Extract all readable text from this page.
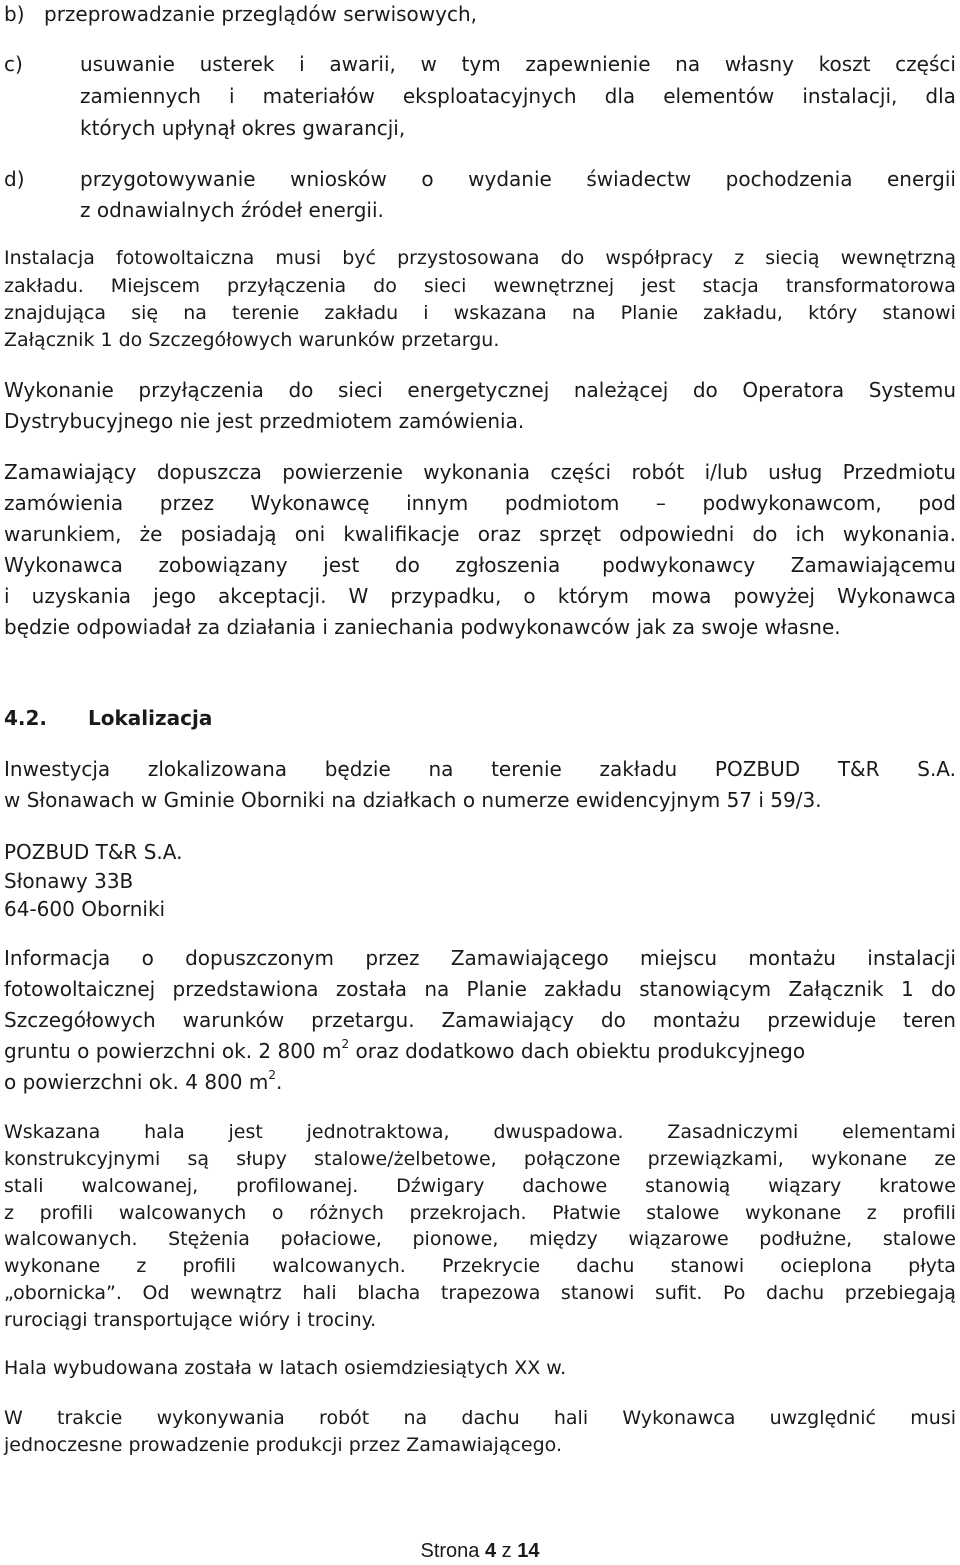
b) przeprowadzanie przeglądów serwisowych,
c)	usuwanie usterek i awarii, w tym zapewnienie na własny koszt części
zamiennych i materiałów eksploatacyjnych dla elementów instalacji, dla
których upłynął okres gwarancji,
d)	przygotowywanie wniosków o wydanie świadectw pochodzenia energii
z odnawialnych źródeł energii.
Instalacja fotowoltaiczna musi być przystosowana do współpracy z siecią wewnętrzną
zakładu. Miejscem przyłączenia do sieci wewnętrznej jest stacja transformatorowa
znajdująca się na terenie zakładu i wskazana na Planie zakładu, który stanowi
Załącznik 1 do Szczegółowych warunków przetargu.
Wykonanie przyłączenia do sieci energetycznej należącej do Operatora Systemu
Dystrybucyjnego nie jest przedmiotem zamówienia.
Zamawiający dopuszcza powierzenie wykonania części robót i/lub usług Przedmiotu
zamówienia przez Wykonawcę innym podmiotom – podwykonawcom, pod
warunkiem, że posiadają oni kwalifikacje oraz sprzęt odpowiedni do ich wykonania.
Wykonawca zobowiązany jest do zgłoszenia podwykonawcy Zamawiającemu
i uzyskania jego akceptacji. W przypadku, o którym mowa powyżej Wykonawca
będzie odpowiadał za działania i zaniechania podwykonawców jak za swoje własne.
4.2. Lokalizacja
Inwestycja zlokalizowana będzie na terenie zakładu POZBUD T&R S.A.
w Słonawach w Gminie Oborniki na działkach o numerze ewidencyjnym 57 i 59/3.
POZBUD T&R S.A.
Słonawy 33B
64-600 Oborniki
Informacja o dopuszczonym przez Zamawiającego miejscu montażu instalacji
fotowoltaicznej przedstawiona została na Planie zakładu stanowiącym Załącznik 1 do
Szczegółowych warunków przetargu. Zamawiający do montażu przewiduje teren
gruntu o powierzchni ok. 2 800 $m^2$ oraz dodatkowo dach obiektu produkcyjnego
o powierzchni ok. 4 800 $m^2$.
Wskazana hala jest jednotraktowa, dwuspadowa. Zasadniczymi elementami
konstrukcyjnymi są słupy stalowe/żelbetowe, połączone przewiązkami, wykonane ze
stali walcowanej, profilowanej. Dźwigary dachowe stanowią wiązary kratowe
z profili walcowanych o różnych przekrojach. Płatwie stalowe wykonane z profili
walcowanych. Stężenia połaciowe, pionowe, między wiązarowe podłużne, stalowe
wykonane z profili walcowanych. Przekrycie dachu stanowi ocieplona płyta
„obornicka”. Od wewnątrz hali blacha trapezowa stanowi sufit. Po dachu przebiegają
rurociągi transportujące wióry i trociny.
Hala wybudowana została w latach osiemdziesiątych XX w.
W trakcie wykonywania robót na dachu hali Wykonawca uwzględnić musi
jednoczesne prowadzenie produkcji przez Zamawiającego.
Strona 4 z 14
